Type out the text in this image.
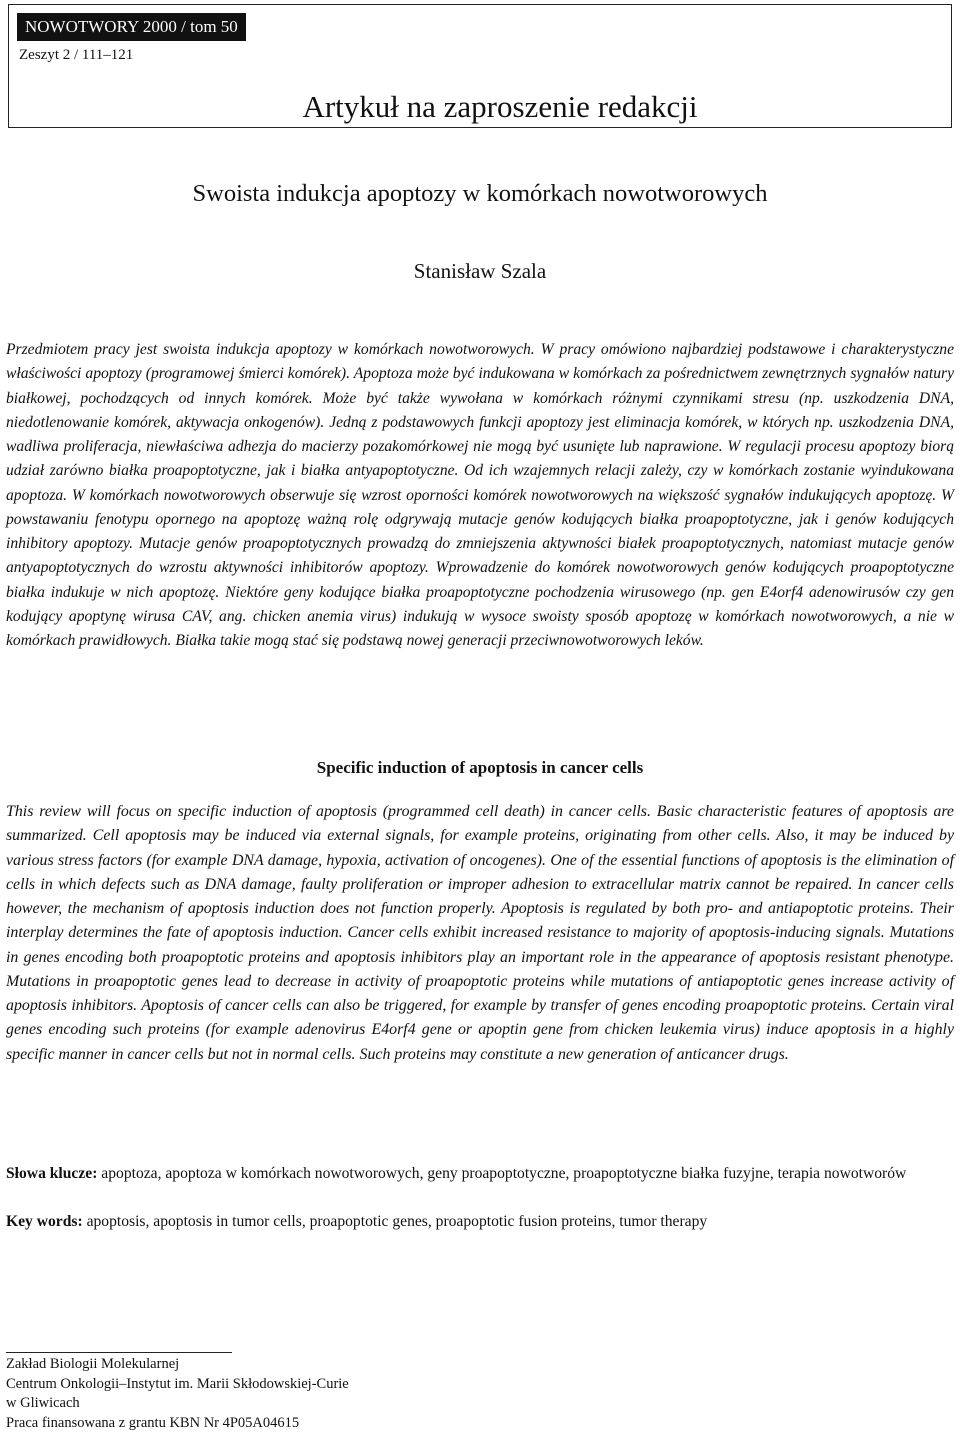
NOWOTWORY 2000 / tom 50
Zeszyt 2 / 111–121
Artykuł na zaproszenie redakcji
Swoista indukcja apoptozy w komórkach nowotworowych
Stanisław Szala

Przedmiotem pracy jest swoista indukcja apoptozy w komórkach nowotworowych. W pracy omówiono najbardziej podstawowe i charakterystyczne właściwości apoptozy (programowej śmierci komórek). Apoptoza może być indukowana w komórkach za pośrednictwem zewnętrznych sygnałów natury białkowej, pochodzących od innych komórek. Może być także wywołana w komórkach różnymi czynnikami stresu (np. uszkodzenia DNA, niedotlenowanie komórek, aktywacja onkogenów). Jedną z podstawowych funkcji apoptozy jest eliminacja komórek, w których np. uszkodzenia DNA, wadliwa proliferacja, niewłaściwa adhezja do macierzy pozakomórkowej nie mogą być usunięte lub naprawione. W regulacji procesu apoptozy biorą udział zarówno białka proapoptotyczne, jak i białka antyapoptotyczne. Od ich wzajemnych relacji zależy, czy w komórkach zostanie wyindukowana apoptoza. W komórkach nowotworowych obserwuje się wzrost oporności komórek nowotworowych na większość sygnałów indukujących apoptozę. W powstawaniu fenotypu opornego na apoptozę ważną rolę odgrywają mutacje genów kodujących białka proapoptotyczne, jak i genów kodujących inhibitory apoptozy. Mutacje genów proapoptotycznych prowadzą do zmniejszenia aktywności białek proapoptotycznych, natomiast mutacje genów antyapoptotycznych do wzrostu aktywności inhibitorów apoptozy. Wprowadzenie do komórek nowotworowych genów kodujących proapoptotyczne białka indukuje w nich apoptozę. Niektóre geny kodujące białka proapoptotyczne pochodzenia wirusowego (np. gen E4orf4 adenowirusów czy gen kodujący apoptynę wirusa CAV, ang. chicken anemia virus) indukują w wysoce swoisty sposób apoptozę w komórkach nowotworowych, a nie w komórkach prawidłowych. Białka takie mogą stać się podstawą nowej generacji przeciwnowotworowych leków.

Specific induction of apoptosis in cancer cells

This review will focus on specific induction of apoptosis (programmed cell death) in cancer cells. Basic characteristic features of apoptosis are summarized. Cell apoptosis may be induced via external signals, for example proteins, originating from other cells. Also, it may be induced by various stress factors (for example DNA damage, hypoxia, activation of oncogenes). One of the essential functions of apoptosis is the elimination of cells in which defects such as DNA damage, faulty proliferation or improper adhesion to extracellular matrix cannot be repaired. In cancer cells however, the mechanism of apoptosis induction does not function properly. Apoptosis is regulated by both pro- and antiapoptotic proteins. Their interplay determines the fate of apoptosis induction. Cancer cells exhibit increased resistance to majority of apoptosis-inducing signals. Mutations in genes encoding both proapoptotic proteins and apoptosis inhibitors play an important role in the appearance of apoptosis resistant phenotype. Mutations in proapoptotic genes lead to decrease in activity of proapoptotic proteins while mutations of antiapoptotic genes increase activity of apoptosis inhibitors. Apoptosis of cancer cells can also be triggered, for example by transfer of genes encoding proapoptotic proteins. Certain viral genes encoding such proteins (for example adenovirus E4orf4 gene or apoptin gene from chicken leukemia virus) induce apoptosis in a highly specific manner in cancer cells but not in normal cells. Such proteins may constitute a new generation of anticancer drugs.

Słowa klucze: apoptoza, apoptoza w komórkach nowotworowych, geny proapoptotyczne, proapoptotyczne białka fuzyjne, terapia nowotworów

Key words: apoptosis, apoptosis in tumor cells, proapoptotic genes, proapoptotic fusion proteins, tumor therapy

Zakład Biologii Molekularnej
Centrum Onkologii–Instytut im. Marii Skłodowskiej-Curie
w Gliwicach
Praca finansowana z grantu KBN Nr 4P05A04615
